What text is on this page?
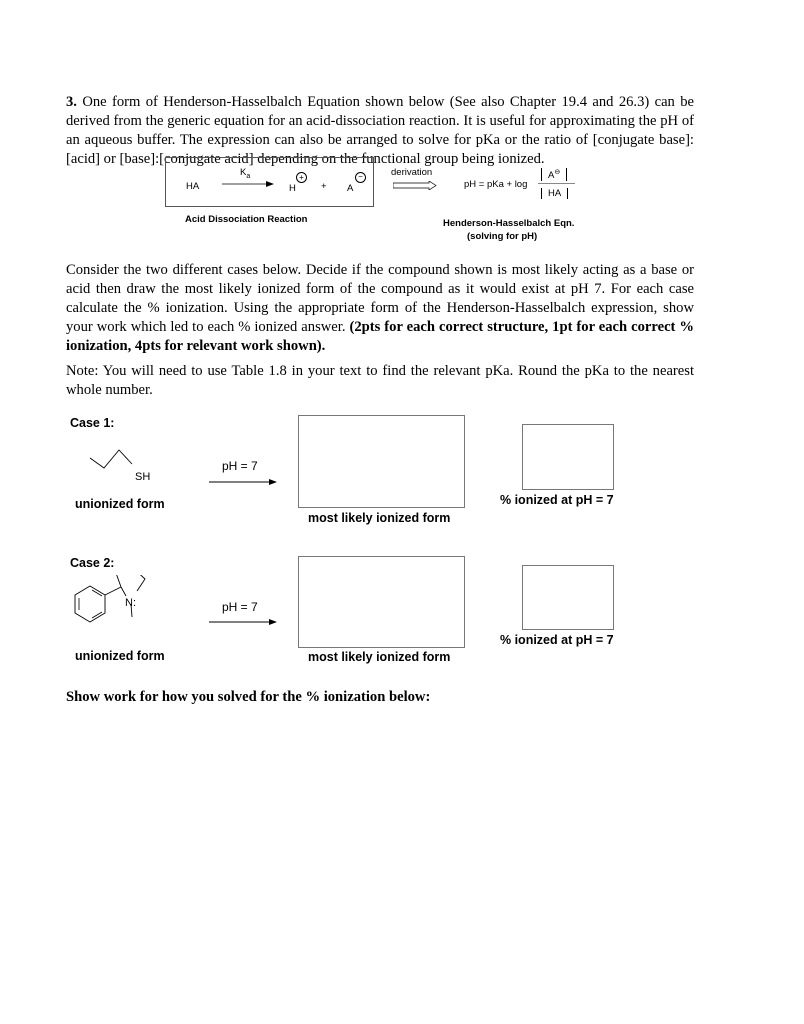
3. One form of Henderson-Hasselbalch Equation shown below (See also Chapter 19.4 and 26.3) can be derived from the generic equation for an acid-dissociation reaction. It is useful for approximating the pH of an aqueous buffer. The expression can also be arranged to solve for pKa or the ratio of [conjugate base]:[acid] or [base]:[conjugate acid] depending on the functional group being ionized.
HA
$K_a$
→ H
+
+ A
−	derivation
pH = pKa + log
A⊖
HA
Acid Dissociation Reaction	Henderson-Hasselbalch Eqn.
(solving for pH)
Consider the two different cases below. Decide if the compound shown is most likely acting as a base or acid then draw the most likely ionized form of the compound as it would exist at pH 7. For each case calculate the % ionization. Using the appropriate form of the Henderson-Hasselbalch expression, show your work which led to each % ionized answer. (2pts for each correct structure, 1pt for each correct % ionization, 4pts for relevant work shown).
Note: You will need to use Table 1.8 in your text to find the relevant pKa. Round the pKa to the nearest whole number.
Case 1:
SH
pH = 7
unionized form	% ionized at pH = 7
most likely ionized form
Case 2:
N:	pH = 7
% ionized at pH = 7
unionized form	most likely ionized form
Show work for how you solved for the % ionization below:
